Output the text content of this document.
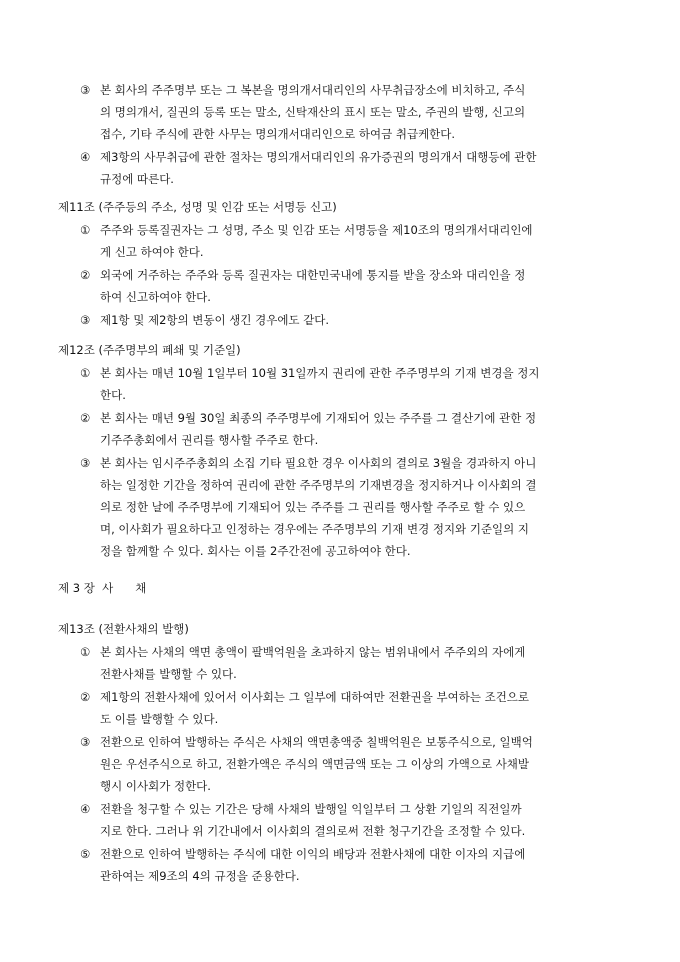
③ 본 회사의 주주명부 또는 그 복본을 명의개서대리인의 사무취급장소에 비치하고, 주식
의 명의개서, 질권의 등록 또는 말소, 신탁재산의 표시 또는 말소, 주권의 발행, 신고의
접수, 기타 주식에 관한 사무는 명의개서대리인으로 하여금 취급케한다.
④ 제3항의 사무취급에 관한 절차는 명의개서대리인의 유가증권의 명의개서 대행등에 관한
규정에 따른다.
제11조 (주주등의 주소, 성명 및 인감 또는 서명등 신고)
① 주주와 등록질권자는 그 성명, 주소 및 인감 또는 서명등을 제10조의 명의개서대리인에
게 신고 하여야 한다.
② 외국에 거주하는 주주와 등록 질권자는 대한민국내에 통지를 받을 장소와 대리인을 정
하여 신고하여야 한다.
③ 제1항 및 제2항의 변동이 생긴 경우에도 같다.
제12조 (주주명부의 폐쇄 및 기준일)
① 본 회사는 매년 10월 1일부터 10월 31일까지 권리에 관한 주주명부의 기재 변경을 정지
한다.
② 본 회사는 매년 9월 30일 최종의 주주명부에 기재되어 있는 주주를 그 결산기에 관한 정
기주주총회에서 권리를 행사할 주주로 한다.
③ 본 회사는 임시주주총회의 소집 기타 필요한 경우 이사회의 결의로 3월을 경과하지 아니
하는 일정한 기간을 정하여 권리에 관한 주주명부의 기재변경을 정지하거나 이사회의 결
의로 정한 날에 주주명부에 기재되어 있는 주주를 그 권리를 행사할 주주로 할 수 있으
며, 이사회가 필요하다고 인정하는 경우에는 주주명부의 기재 변경 정지와 기준일의 지
정을 함께할 수 있다. 회사는 이를 2주간전에 공고하여야 한다.
제 3 장  사      채
제13조 (전환사채의 발행)
① 본 회사는 사채의 액면 총액이 팔백억원을 초과하지 않는 범위내에서 주주외의 자에게
전환사채를 발행할 수 있다.
② 제1항의 전환사채에 있어서 이사회는 그 일부에 대하여만 전환권을 부여하는 조건으로
도 이를 발행할 수 있다.
③ 전환으로 인하여 발행하는 주식은 사채의 액면총액중 칠백억원은 보통주식으로, 일백억
원은 우선주식으로 하고, 전환가액은 주식의 액면금액 또는 그 이상의 가액으로 사채발
행시 이사회가 정한다.
④ 전환을 청구할 수 있는 기간은 당해 사채의 발행일 익일부터 그 상환 기일의 직전일까
지로 한다. 그러나 위 기간내에서 이사회의 결의로써 전환 청구기간을 조정할 수 있다.
⑤ 전환으로 인하여 발행하는 주식에 대한 이익의 배당과 전환사채에 대한 이자의 지급에
관하여는 제9조의 4의 규정을 준용한다.
